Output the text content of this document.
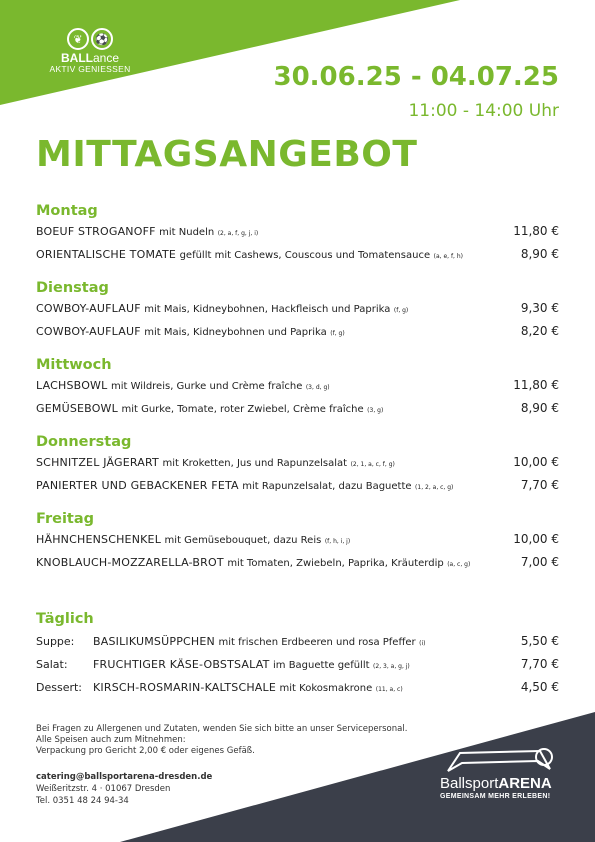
❦	⚽
BALLance
AKTIV GENIESSEN	30.06.25 - 04.07.25
11:00 - 14:00 Uhr
MITTAGSANGEBOT
Montag
BOEUF STROGANOFF mit Nudeln (2, a, f, g, j, i)	11,80 €
ORIENTALISCHE TOMATE gefüllt mit Cashews, Couscous und Tomatensauce (a, e, f, h)	8,90 €
Dienstag
COWBOY-AUFLAUF mit Mais, Kidneybohnen, Hackfleisch und Paprika (f, g)	9,30 €
COWBOY-AUFLAUF mit Mais, Kidneybohnen und Paprika (f, g)	8,20 €
Mittwoch
LACHSBOWL mit Wildreis, Gurke und Crème fraîche (3, d, g)	11,80 €
GEMÜSEBOWL mit Gurke, Tomate, roter Zwiebel, Crème fraîche (3, g)	8,90 €
Donnerstag
SCHNITZEL JÄGERART mit Kroketten, Jus und Rapunzelsalat (2, 1, a, c, f, g)	10,00 €
PANIERTER UND GEBACKENER FETA mit Rapunzelsalat, dazu Baguette (1, 2, a, c, g)	7,70 €
Freitag
HÄHNCHENSCHENKEL mit Gemüsebouquet, dazu Reis (f, h, i, j)	10,00 €
KNOBLAUCH-MOZZARELLA-BROT mit Tomaten, Zwiebeln, Paprika, Kräuterdip (a, c, g)	7,00 €
Täglich
Suppe: BASILIKUMSÜPPCHEN mit frischen Erdbeeren und rosa Pfeffer (i)	5,50 €
Salat: FRUCHTIGER KÄSE-OBSTSALAT im Baguette gefüllt (2, 3, a, g, j)	7,70 €
Dessert: KIRSCH-ROSMARIN-KALTSCHALE mit Kokosmakrone (11, a, c)	4,50 €
Bei Fragen zu Allergenen und Zutaten, wenden Sie sich bitte an unser Servicepersonal.
Alle Speisen auch zum Mitnehmen:
Verpackung pro Gericht 2,00 € oder eigenes Gefäß.
catering@ballsportarena-dresden.de
Weißeritzstr. 4 · 01067 Dresden
Tel. 0351 48 24 94-34
BallsportARENA
GEMEINSAM MEHR ERLEBEN!
